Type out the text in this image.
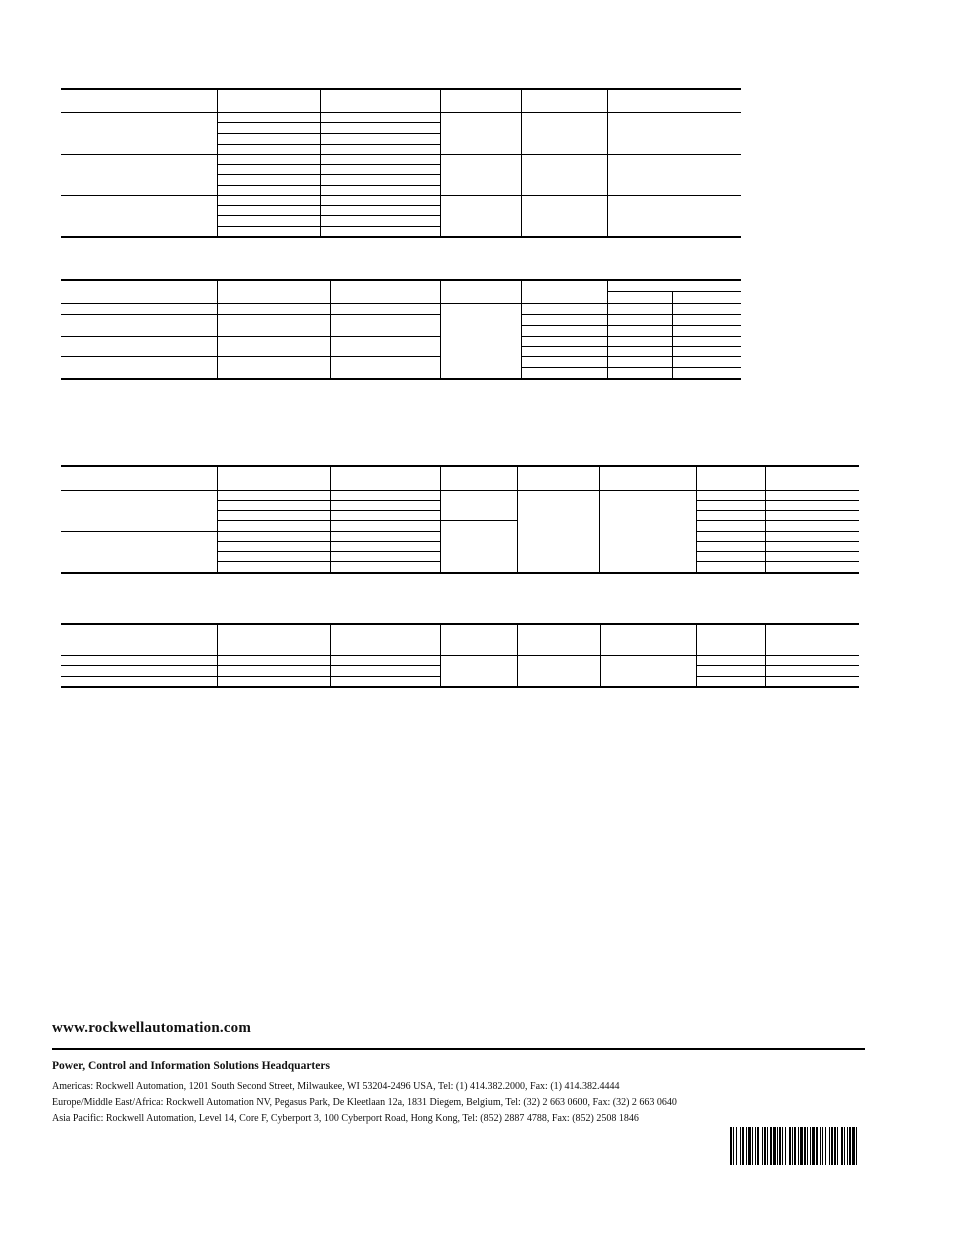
www.rockwellautomation.com
Power, Control and Information Solutions Headquarters
Americas: Rockwell Automation, 1201 South Second Street, Milwaukee, WI 53204-2496 USA, Tel: (1) 414.382.2000, Fax: (1) 414.382.4444
Europe/Middle East/Africa: Rockwell Automation NV, Pegasus Park, De Kleetlaan 12a, 1831 Diegem, Belgium, Tel: (32) 2 663 0600, Fax: (32) 2 663 0640
Asia Pacific: Rockwell Automation, Level 14, Core F, Cyberport 3, 100 Cyberport Road, Hong Kong, Tel: (852) 2887 4788, Fax: (852) 2508 1846
